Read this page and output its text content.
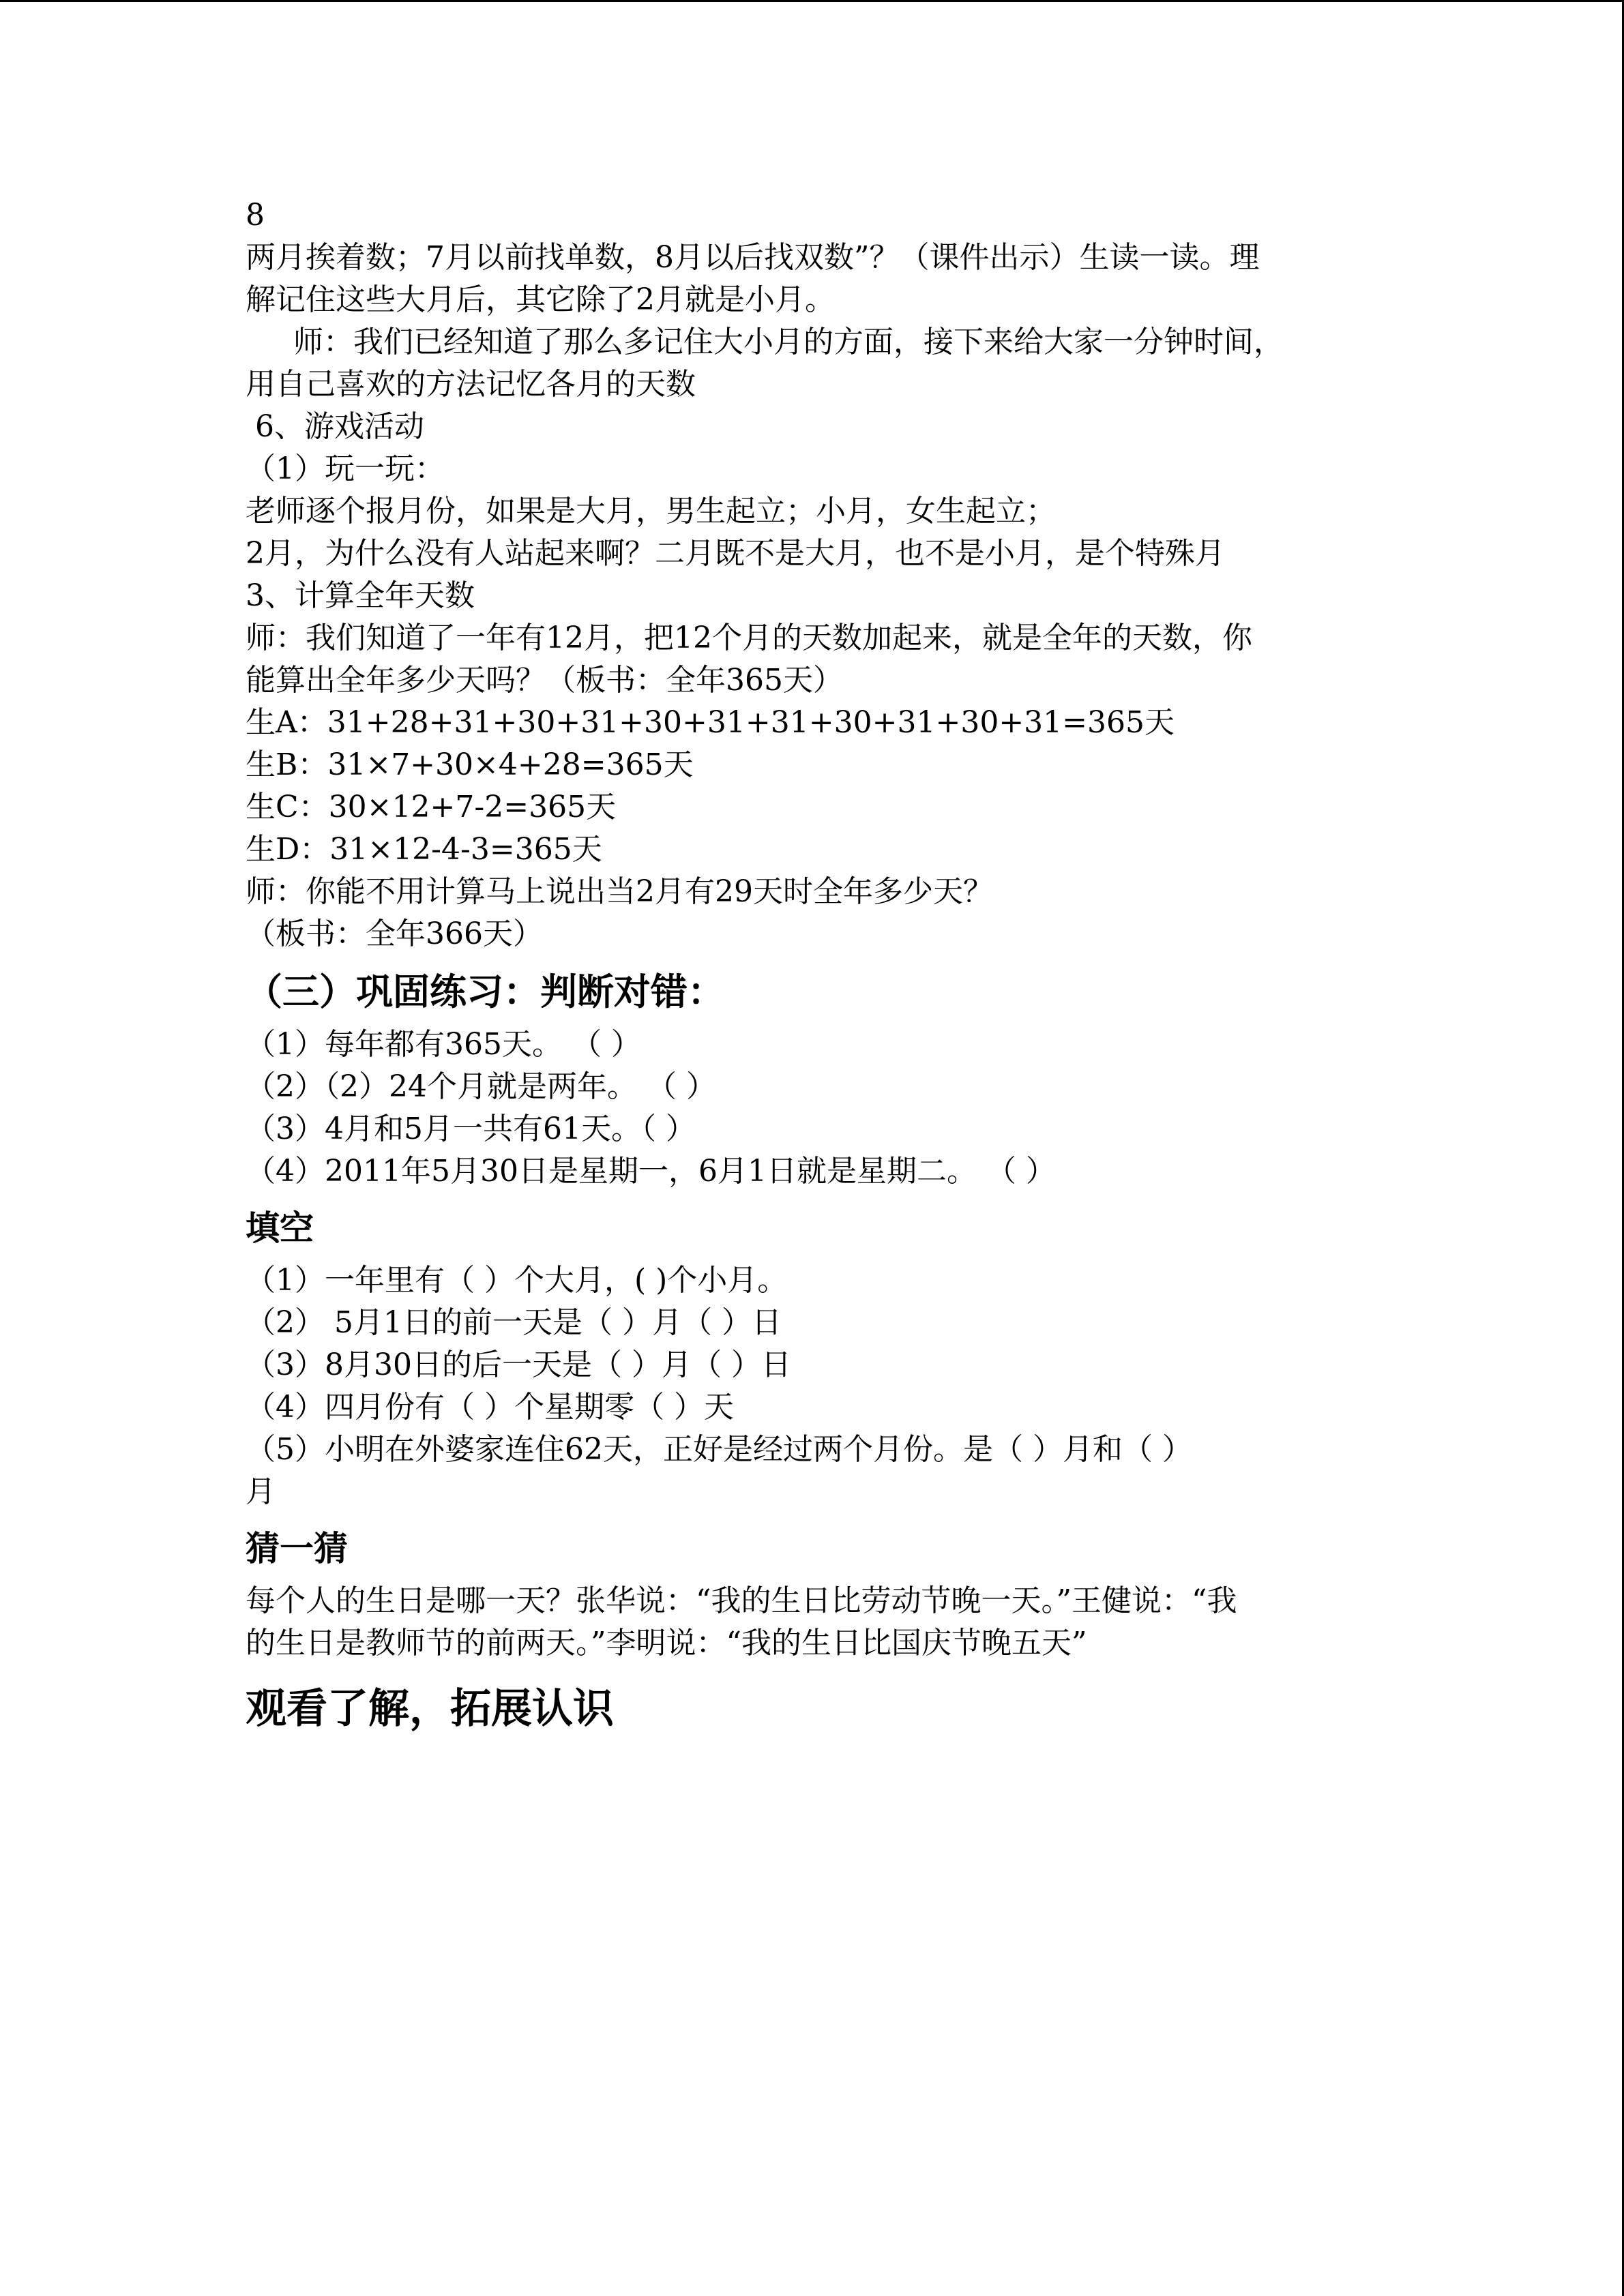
8
两月挨着数；7月以前找单数，8月以后找双数”？（课件出示）生读一读。理
解记住这些大月后，其它除了2月就是小月。
师：我们已经知道了那么多记住大小月的方面，接下来给大家一分钟时间，
用自己喜欢的方法记忆各月的天数
6、游戏活动
（1）玩一玩：
老师逐个报月份，如果是大月，男生起立；小月，女生起立；
2月，为什么没有人站起来啊？二月既不是大月，也不是小月，是个特殊月
3、计算全年天数
师：我们知道了一年有12月，把12个月的天数加起来，就是全年的天数，你
能算出全年多少天吗？（板书：全年365天）
生A：31+28+31+30+31+30+31+31+30+31+30+31=365天
生B：31×7+30×4+28=365天
生C：30×12+7-2=365天
生D：31×12-4-3=365天
师：你能不用计算马上说出当2月有29天时全年多少天？
（板书：全年366天）
（三）巩固练习：判断对错：
（1）每年都有365天。 （ ）
（2）（2）24个月就是两年。 （ ）
（3）4月和5月一共有61天。（ ）
（4）2011年5月30日是星期一，6月1日就是星期二。 （ ）
填空
（1）一年里有（ ）个大月，( )个小月。
（2） 5月1日的前一天是（ ）月（ ）日
（3）8月30日的后一天是（ ）月（ ）日
（4）四月份有（ ）个星期零（ ）天
（5）小明在外婆家连住62天，正好是经过两个月份。是（ ）月和（ ）
月
猜一猜
每个人的生日是哪一天？张华说：“我的生日比劳动节晚一天。”王健说：“我
的生日是教师节的前两天。”李明说：“我的生日比国庆节晚五天”
观看了解，拓展认识
